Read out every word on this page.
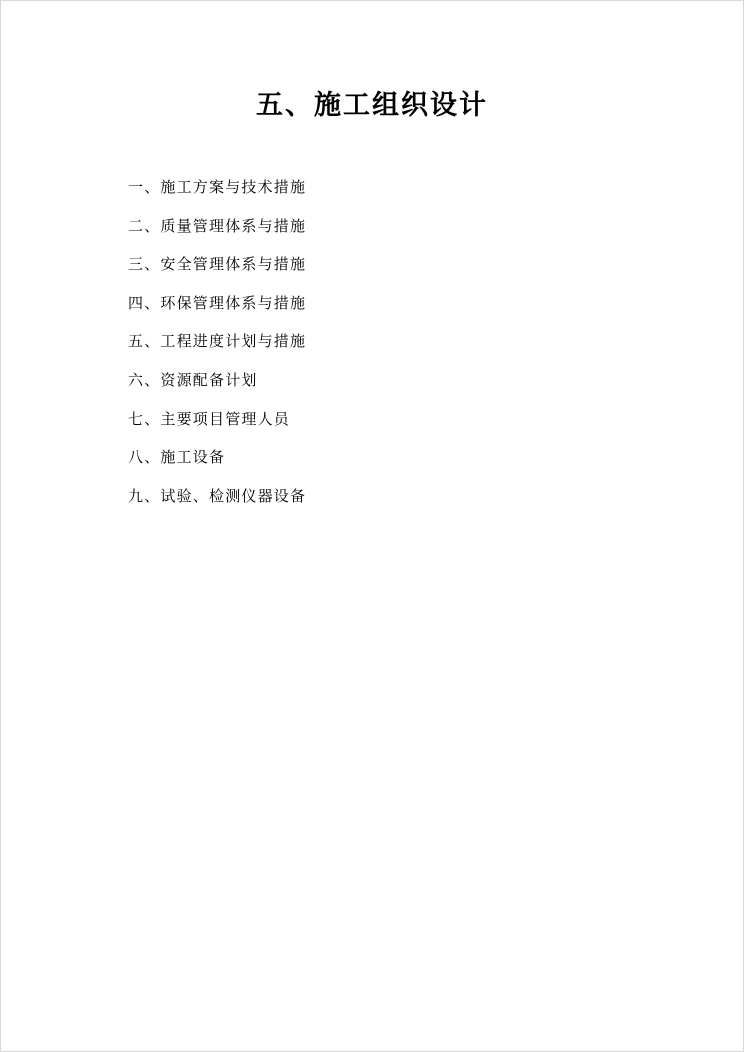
五、施工组织设计
一、施工方案与技术措施
二、质量管理体系与措施
三、安全管理体系与措施
四、环保管理体系与措施
五、工程进度计划与措施
六、资源配备计划
七、主要项目管理人员
八、施工设备
九、试验、检测仪器设备
